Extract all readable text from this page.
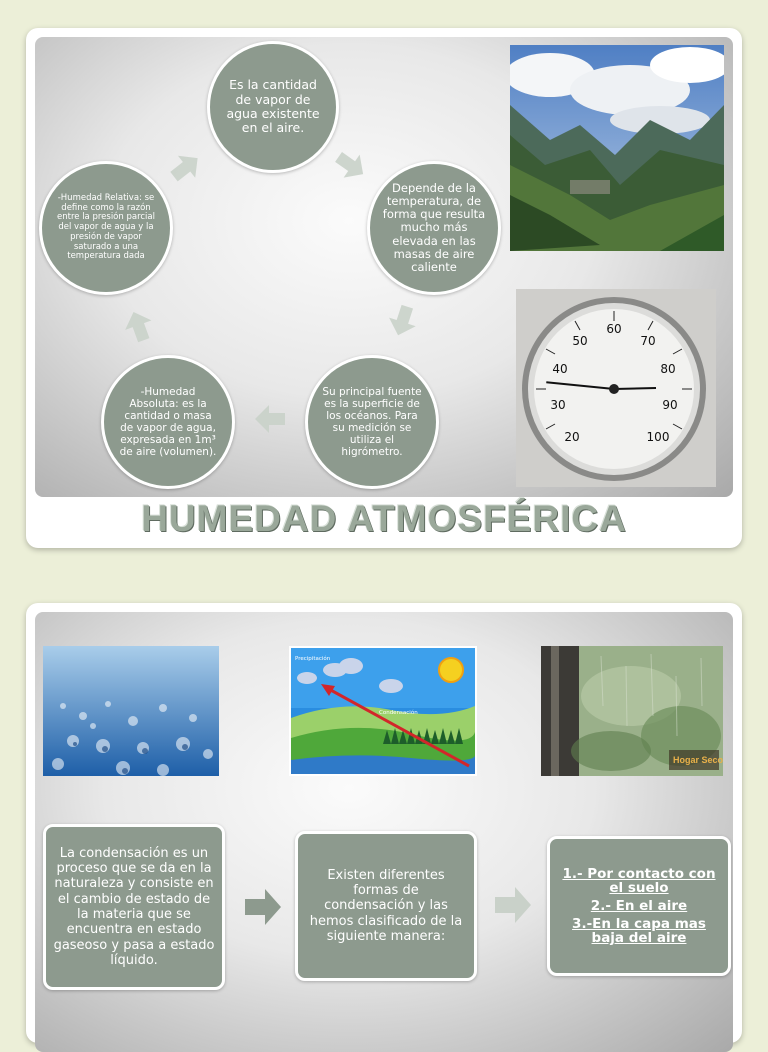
Es la cantidad de vapor de agua existente en el aire.
Depende de la temperatura, de forma que resulta mucho más elevada en las masas de aire caliente
Su principal fuente es la superficie de los océanos. Para su medición se utiliza el higrómetro.
-Humedad Absoluta: es la cantidad o masa de vapor de agua, expresada en 1m³ de aire (volumen).
-Humedad Relativa: se define como la razón entre la presión parcial del vapor de agua y la presión de vapor saturado a una temperatura dada
60
70
80
90
100
50
40
30
20
HUMEDAD ATMOSFÉRICA
Precipitación
Condensación
Hogar Seco
La condensación es un proceso que se da en la naturaleza y consiste en el cambio de estado de la materia que se encuentra en estado gaseoso y pasa a estado líquido.
Existen diferentes formas de condensación y las hemos clasificado de la siguiente manera:
1.- Por contacto con el suelo
2.- En el aire
3.-En la capa mas baja del aire
